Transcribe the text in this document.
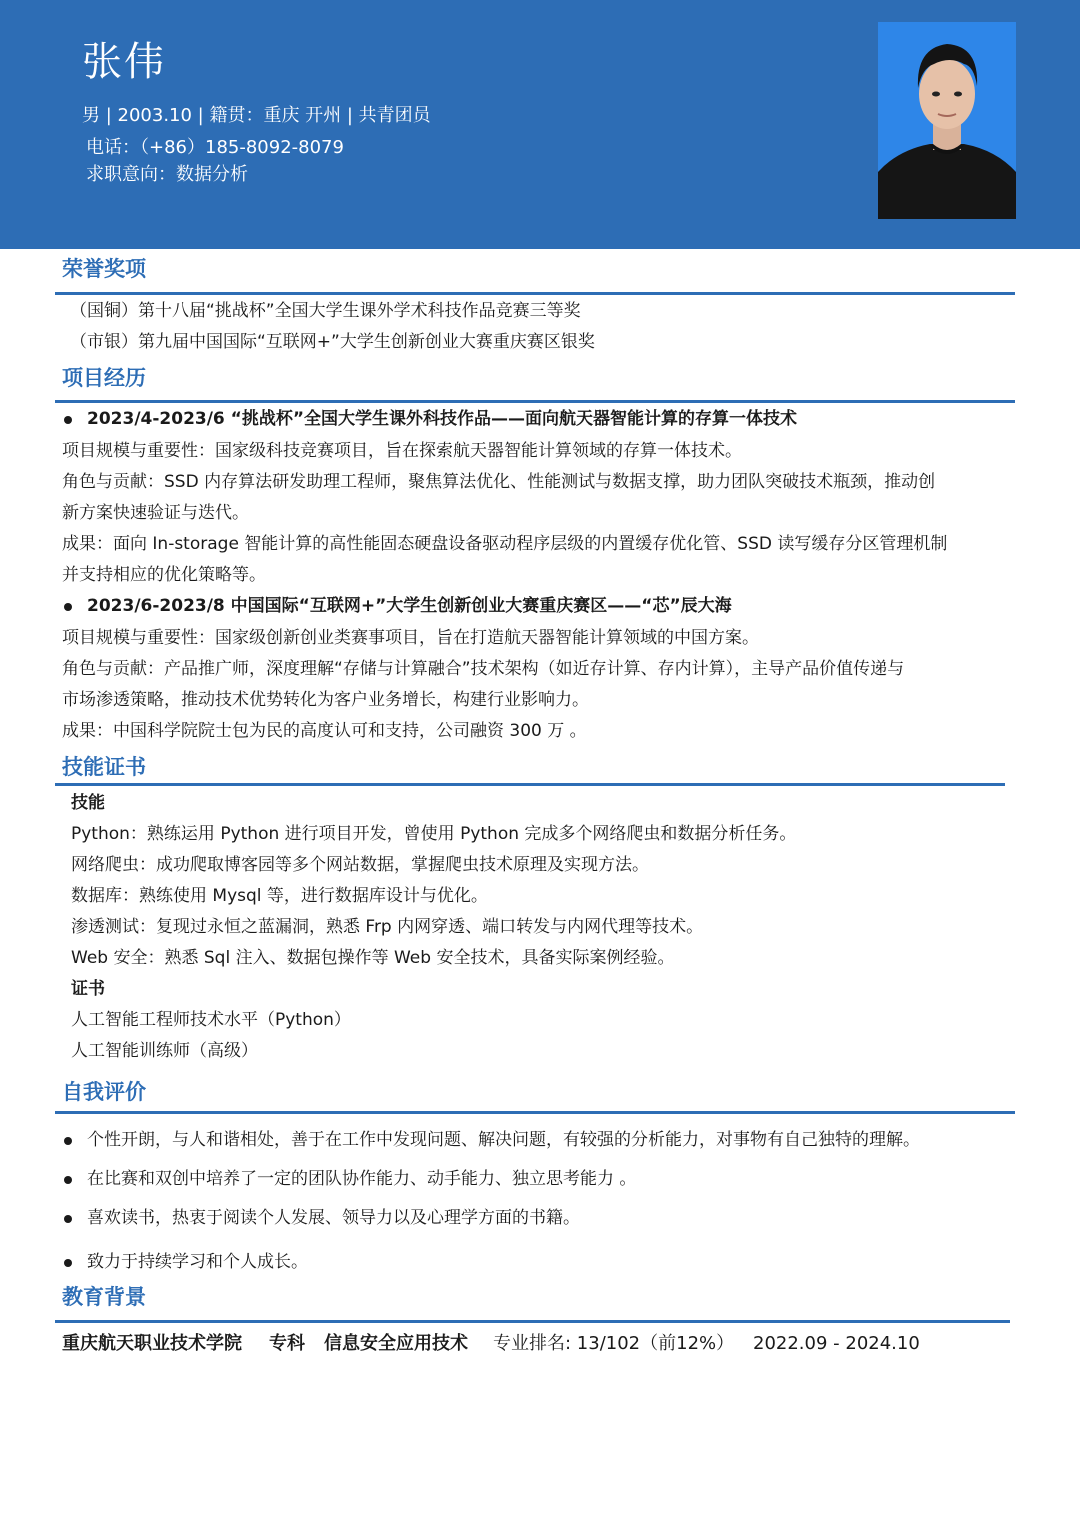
张伟
男 | 2003.10 | 籍贯：重庆 开州 | 共青团员
电话：（+86）185-8092-8079
求职意向：数据分析
荣誉奖项
（国铜）第十八届“挑战杯”全国大学生课外学术科技作品竞赛三等奖
（市银）第九届中国国际“互联网+”大学生创新创业大赛重庆赛区银奖
项目经历
2023/4-2023/6 “挑战杯”全国大学生课外科技作品——面向航天器智能计算的存算一体技术
项目规模与重要性：国家级科技竞赛项目，旨在探索航天器智能计算领域的存算一体技术。
角色与贡献：SSD 内存算法研发助理工程师，聚焦算法优化、性能测试与数据支撑，助力团队突破技术瓶颈，推动创
新方案快速验证与迭代。
成果：面向 In-storage 智能计算的高性能固态硬盘设备驱动程序层级的内置缓存优化管、SSD 读写缓存分区管理机制
并支持相应的优化策略等。
2023/6-2023/8 中国国际“互联网+”大学生创新创业大赛重庆赛区——“芯”辰大海
项目规模与重要性：国家级创新创业类赛事项目，旨在打造航天器智能计算领域的中国方案。
角色与贡献：产品推广师，深度理解“存储与计算融合”技术架构（如近存计算、存内计算），主导产品价值传递与
市场渗透策略，推动技术优势转化为客户业务增长，构建行业影响力。
成果：中国科学院院士包为民的高度认可和支持，公司融资 300 万 。
技能证书
技能
Python：熟练运用 Python 进行项目开发，曾使用 Python 完成多个网络爬虫和数据分析任务。
网络爬虫：成功爬取博客园等多个网站数据，掌握爬虫技术原理及实现方法。
数据库：熟练使用 Mysql 等，进行数据库设计与优化。
渗透测试：复现过永恒之蓝漏洞，熟悉 Frp 内网穿透、端口转发与内网代理等技术。
Web 安全：熟悉 Sql 注入、数据包操作等 Web 安全技术，具备实际案例经验。
证书
人工智能工程师技术水平（Python）
人工智能训练师（高级）
自我评价
个性开朗，与人和谐相处，善于在工作中发现问题、解决问题，有较强的分析能力，对事物有自己独特的理解。
在比赛和双创中培养了一定的团队协作能力、动手能力、独立思考能力 。
喜欢读书，热衷于阅读个人发展、领导力以及心理学方面的书籍。
致力于持续学习和个人成长。
教育背景
重庆航天职业技术学院 专科 信息安全应用技术 专业排名: 13/102（前12%） 2022.09 - 2024.10
